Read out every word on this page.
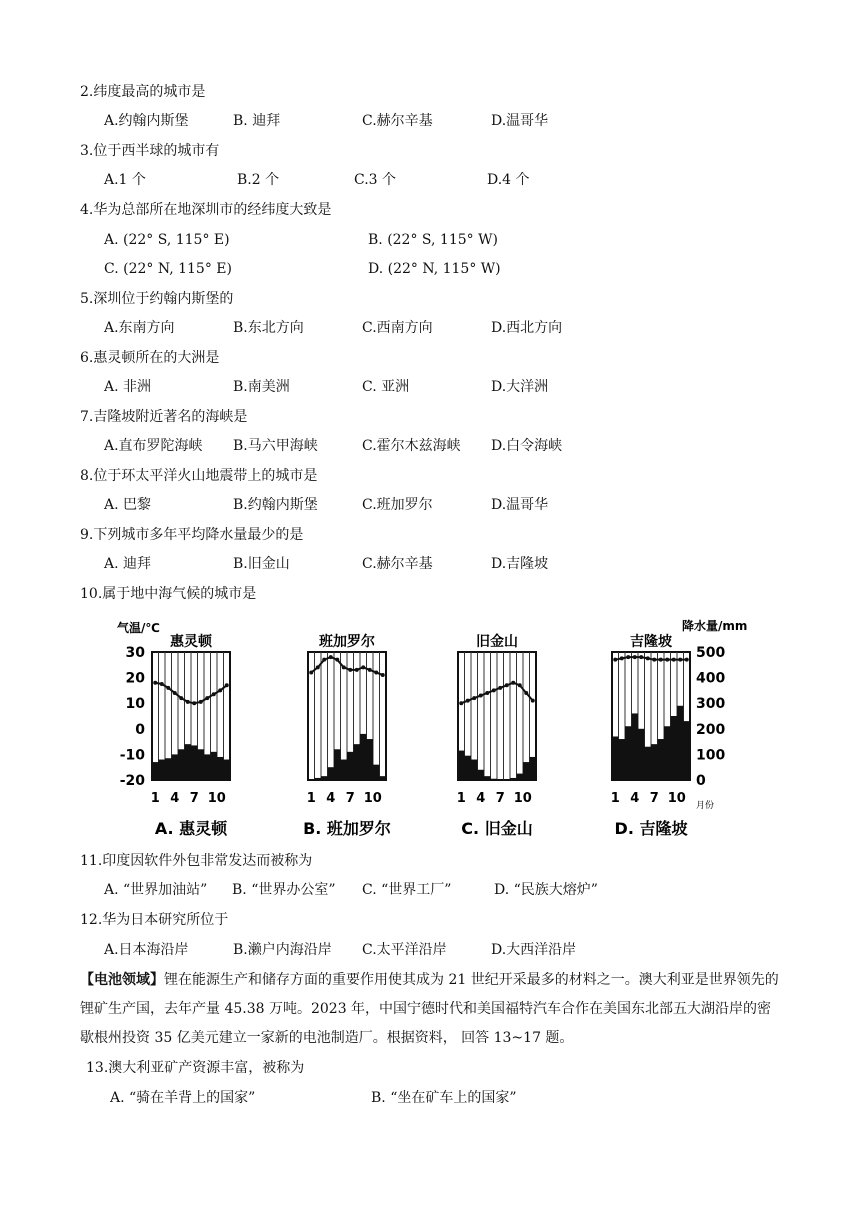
2.纬度最高的城市是
A.约翰内斯堡	B. 迪拜	C.赫尔辛基	D.温哥华
3.位于西半球的城市有
A.1 个	B.2 个	C.3 个	D.4 个
4.华为总部所在地深圳市的经纬度大致是
A. (22° S, 115° E)	B. (22° S, 115° W)
C. (22° N, 115° E)	D. (22° N, 115° W)
5.深圳位于约翰内斯堡的
A.东南方向	B.东北方向	C.西南方向	D.西北方向
6.惠灵顿所在的大洲是
A. 非洲	B.南美洲	C. 亚洲	D.大洋洲
7.吉隆坡附近著名的海峡是
A.直布罗陀海峡 B.马六甲海峡	C.霍尔木兹海峡 D.白令海峡
8.位于环太平洋火山地震带上的城市是
A. 巴黎	B.约翰内斯堡	C.班加罗尔	D.温哥华
9.下列城市多年平均降水量最少的是
A. 迪拜	B.旧金山	C.赫尔辛基	D.吉隆坡
10.属于地中海气候的城市是
气温/℃	降水量/mm
30
20
10
0
-10
-20
500
400
300
200
100
0
惠灵顿
1 4 7 10
A. 惠灵顿
班加罗尔
1 4 7 10
B. 班加罗尔
旧金山
1 4 7 10
C. 旧金山
吉隆坡
1 4 7 10
D. 吉隆坡
月份
11.印度因软件外包非常发达而被称为
A. “世界加油站” B. “世界办公室” C. “世界工厂”	D. “民族大熔炉”
12.华为日本研究所位于
A.日本海沿岸	B.濑户内海沿岸 C.太平洋沿岸	D.大西洋沿岸
【电池领域】锂在能源生产和储存方面的重要作用使其成为 21 世纪开采最多的材料之一。澳大利亚是世界领先的锂矿生产国，去年产量 45.38 万吨。2023 年，中国宁德时代和美国福特汽车合作在美国东北部五大湖沿岸的密歇根州投资 35 亿美元建立一家新的电池制造厂。根据资料， 回答 13~17 题。
13.澳大利亚矿产资源丰富，被称为
A. “骑在羊背上的国家”	B. “坐在矿车上的国家”
